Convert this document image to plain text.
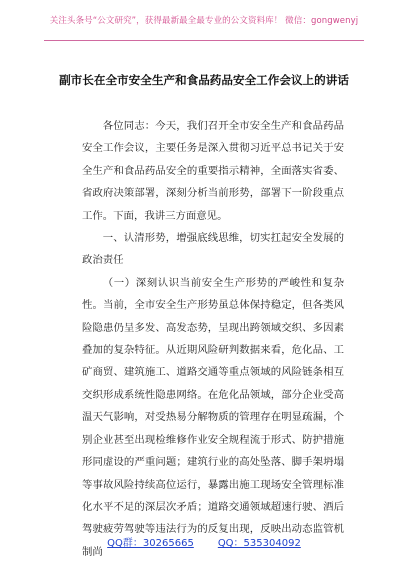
关注头条号“公文研究”，获得最新最全最专业的公文资料库！ 微信：gongwenyj
副市长在全市安全生产和食品药品安全工作会议上的讲话

各位同志：今天，我们召开全市安全生产和食品药品安全工作会议，主要任务是深入贯彻习近平总书记关于安全生产和食品药品安全的重要指示精神，全面落实省委、省政府决策部署，深刻分析当前形势，部署下一阶段重点工作。下面，我讲三方面意见。

一、认清形势，增强底线思维，切实扛起安全发展的政治责任

（一）深刻认识当前安全生产形势的严峻性和复杂性。当前，全市安全生产形势虽总体保持稳定，但各类风险隐患仍呈多发、高发态势，呈现出跨领域交织、多因素叠加的复杂特征。从近期风险研判数据来看，危化品、工矿商贸、建筑施工、道路交通等重点领域的风险链条相互交织形成系统性隐患网络。在危化品领域，部分企业受高温天气影响，对受热易分解物质的管理存在明显疏漏，个别企业甚至出现检维修作业安全规程流于形式、防护措施形同虚设的严重问题；建筑行业的高处坠落、脚手架坍塌等事故风险持续高位运行，暴露出施工现场安全管理标准化水平不足的深层次矛盾；道路交通领域超速行驶、酒后驾驶疲劳驾驶等违法行为的反复出现，反映出动态监管机制尚

QQ群：30265665 QQ：535304092
